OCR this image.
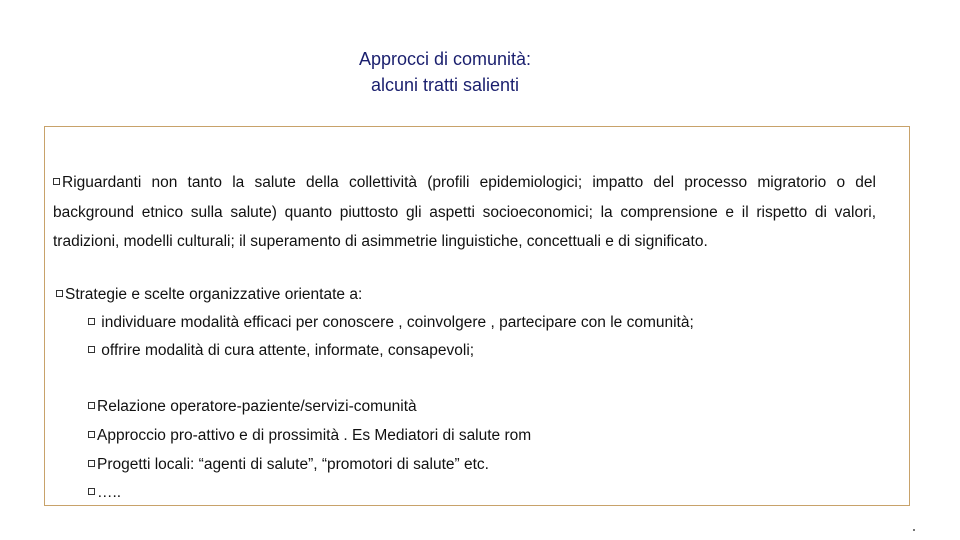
Approcci di comunità:
alcuni tratti salienti
Riguardanti non tanto la salute della collettività (profili epidemiologici; impatto del processo migratorio o del background etnico sulla salute) quanto piuttosto gli aspetti socioeconomici; la comprensione e il rispetto di valori, tradizioni, modelli culturali; il superamento di asimmetrie linguistiche, concettuali e di significato.
Strategie e scelte organizzative orientate a:
individuare modalità efficaci per conoscere , coinvolgere , partecipare con le comunità;
offrire modalità di cura attente, informate, consapevoli;
Relazione operatore-paziente/servizi-comunità
Approccio pro-attivo e di prossimità . Es Mediatori di salute rom
Progetti locali: “agenti di salute”, “promotori di salute” etc.
…..
